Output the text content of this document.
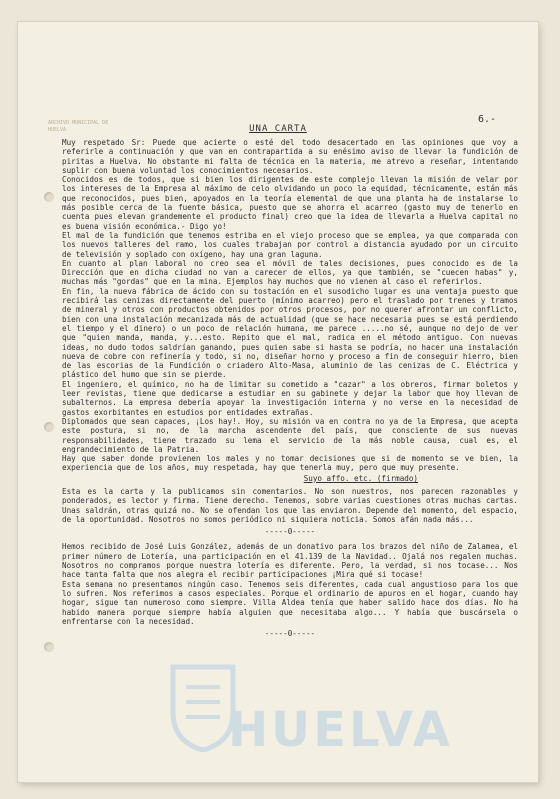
ARCHIVO MUNICIPAL DE HUELVA
6.-
UNA CARTA

Muy respetado Sr: Puede que acierte o esté del todo desacertado en las opiniones que voy a referirle a continuación y que van en contrapartida a su enésimo aviso de llevar la fundición de piritas a Huelva. No obstante mi falta de técnica en la materia, me atrevo a reseñar, intentando suplir con buena voluntad los conocimientos necesarios.

Conocidos es de todos, que si bien los dirigentes de este complejo llevan la misión de velar por los intereses de la Empresa al máximo de celo olvidando un poco la equidad, técnicamente, están más que reconocidos, pues bien, apoyados en la teoría elemental de que una planta ha de instalarse lo más posible cerca de la fuente básica, puesto que se ahorra el acarreo (gasto muy de tenerlo en cuenta pues elevan grandemente el producto final) creo que la idea de llevarla a Huelva capital no es buena visión económica.- Digo yo!

El mal de la fundición que tenemos estriba en el viejo proceso que se emplea, ya que comparada con los nuevos talleres del ramo, los cuales trabajan por control a distancia ayudado por un circuito de televisión y soplado con oxígeno, hay una gran laguna.

En cuanto al plan laboral no creo sea el móvil de tales decisiones, pues conocido es de la Dirección que en dicha ciudad no van a carecer de ellos, ya que también, se "cuecen habas" y, muchas más "gordas" que en la mina. Ejemplos hay muchos que no vienen al caso el referirlos.

En fin, la nueva fábrica de ácido con su tostación en el susodicho lugar es una ventaja puesto que recibirá las cenizas directamente del puerto (mínimo acarreo) pero el traslado por trenes y tramos de mineral y otros con productos obtenidos por otros procesos, por no querer afrontar un conflicto, bien con una instalación mecanizada más de actualidad (que se hace necesaria pues se está perdiendo el tiempo y el dinero) o un poco de relación humana, me parece .....no sé, aunque no dejo de ver que "quien manda, manda, y...esto. Repito que el mal, radica en el método antiguo. Con nuevas ideas, no dudo todos saldrían ganando, pues quien sabe si hasta se podría, no hacer una instalación nueva de cobre con refinería y todo, si no, diseñar horno y proceso a fin de conseguir hierro, bien de las escorias de la Fundición o criadero Alto-Masa, aluminio de las cenizas de C. Eléctrica y plástico del humo que sin se pierde.

El ingeniero, el químico, no ha de limitar su cometido a "cazar" a los obreros, firmar boletos y leer revistas, tiene que dedicarse a estudiar en su gabinete y dejar la labor que hoy llevan de subalternos. La empresa debería apoyar la investigación interna y no verse en la necesidad de gastos exorbitantes en estudios por entidades extrañas.

Diplomados que sean capaces, ¡Los hay!. Hoy, su misión va en contra no ya de la Empresa, que acepta este postura, si no, de la marcha ascendente del país, que consciente de sus nuevas responsabilidades, tiene trazado su lema el servicio de la más noble causa, cual es, el engrandecimiento de la Patria.

Hay que saber donde provienen los males y no tomar decisiones que si de momento se ve bien, la experiencia que de los años, muy respetada, hay que tenerla muy, pero que muy presente.

Suyo affo. etc. (firmado)

Esta es la carta y la publicamos sin comentarios. No son nuestros, nos parecen razonables y ponderados, es lector y firma. Tiene derecho. Tenemos, sobre varias cuestiones otras muchas cartas. Unas saldrán, otras quizá no. No se ofendan los que las enviaron. Depende del momento, del espacio, de la oportunidad. Nosotros no somos periódico ni siquiera noticia. Somos afán nada más...

-----0-----

Hemos recibido de José Luis González, además de un donativo para los brazos del niño de Zalamea, el primer número de Lotería, una participación en el 41.139 de la Navidad.. Ojalá nos regalen muchas. Nosotros no compramos porque nuestra lotería es diferente. Pero, la verdad, si nos tocase... Nos hace tanta falta que nos alegra el recibir participaciones ¡Mira qué si tocase!

Esta semana no presentamos ningún caso. Tenemos seis diferentes, cada cual angustioso para los que lo sufren. Nos referimos a casos especiales. Porque el ordinario de apuros en el hogar, cuando hay hogar, sigue tan numeroso como siempre. Villa Aldea tenía que haber salido hace dos días. No ha habido manera porque siempre había alguien que necesitaba algo... Y había que buscársela o enfrentarse con la necesidad.

-----0-----
HUELVA
